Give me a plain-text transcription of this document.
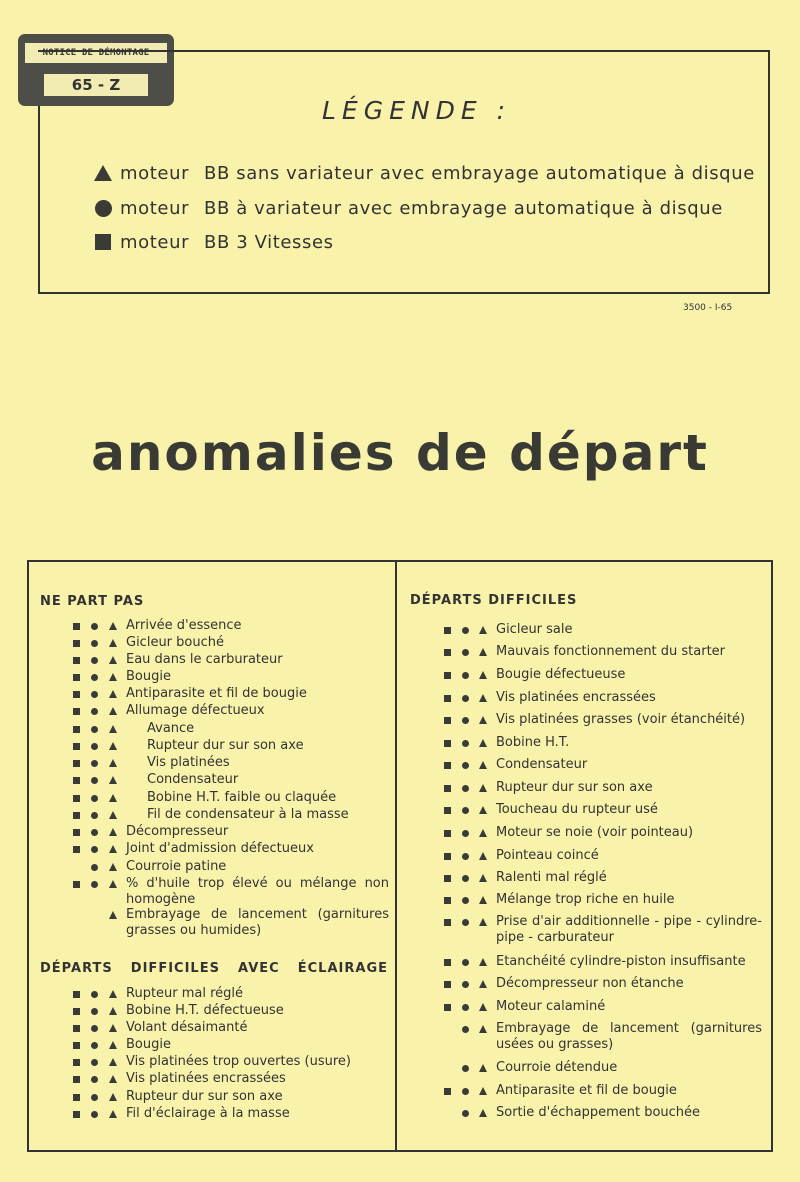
NOTICE DE DÉMONTAGE
65 - Z
LÉGENDE :
moteur BB sans variateur avec embrayage automatique à disque
moteur BB à variateur avec embrayage automatique à disque
moteur BB 3 Vitesses
3500 - I-65
anomalies de départ
NE PART PAS
Arrivée d'essence
Gicleur bouché
Eau dans le carburateur
Bougie
Antiparasite et fil de bougie
Allumage défectueux
Avance
Rupteur dur sur son axe
Vis platinées
Condensateur
Bobine H.T. faible ou claquée
Fil de condensateur à la masse
Décompresseur
Joint d'admission défectueux
Courroie patine
% d'huile trop élevé ou mélange non homogène
Embrayage de lancement (garnitures grasses ou humides)
DÉPARTS DIFFICILES AVEC ÉCLAIRAGE
Rupteur mal réglé
Bobine H.T. défectueuse
Volant désaimanté
Bougie
Vis platinées trop ouvertes (usure)
Vis platinées encrassées
Rupteur dur sur son axe
Fil d'éclairage à la masse
DÉPARTS DIFFICILES
Gicleur sale
Mauvais fonctionnement du starter
Bougie défectueuse
Vis platinées encrassées
Vis platinées grasses (voir étanchéité)
Bobine H.T.
Condensateur
Rupteur dur sur son axe
Toucheau du rupteur usé
Moteur se noie (voir pointeau)
Pointeau coincé
Ralenti mal réglé
Mélange trop riche en huile
Prise d'air additionnelle - pipe - cylindre-pipe - carburateur
Etanchéité cylindre-piston insuffisante
Décompresseur non étanche
Moteur calaminé
Embrayage de lancement (garnitures usées ou grasses)
Courroie détendue
Antiparasite et fil de bougie
Sortie d'échappement bouchée
